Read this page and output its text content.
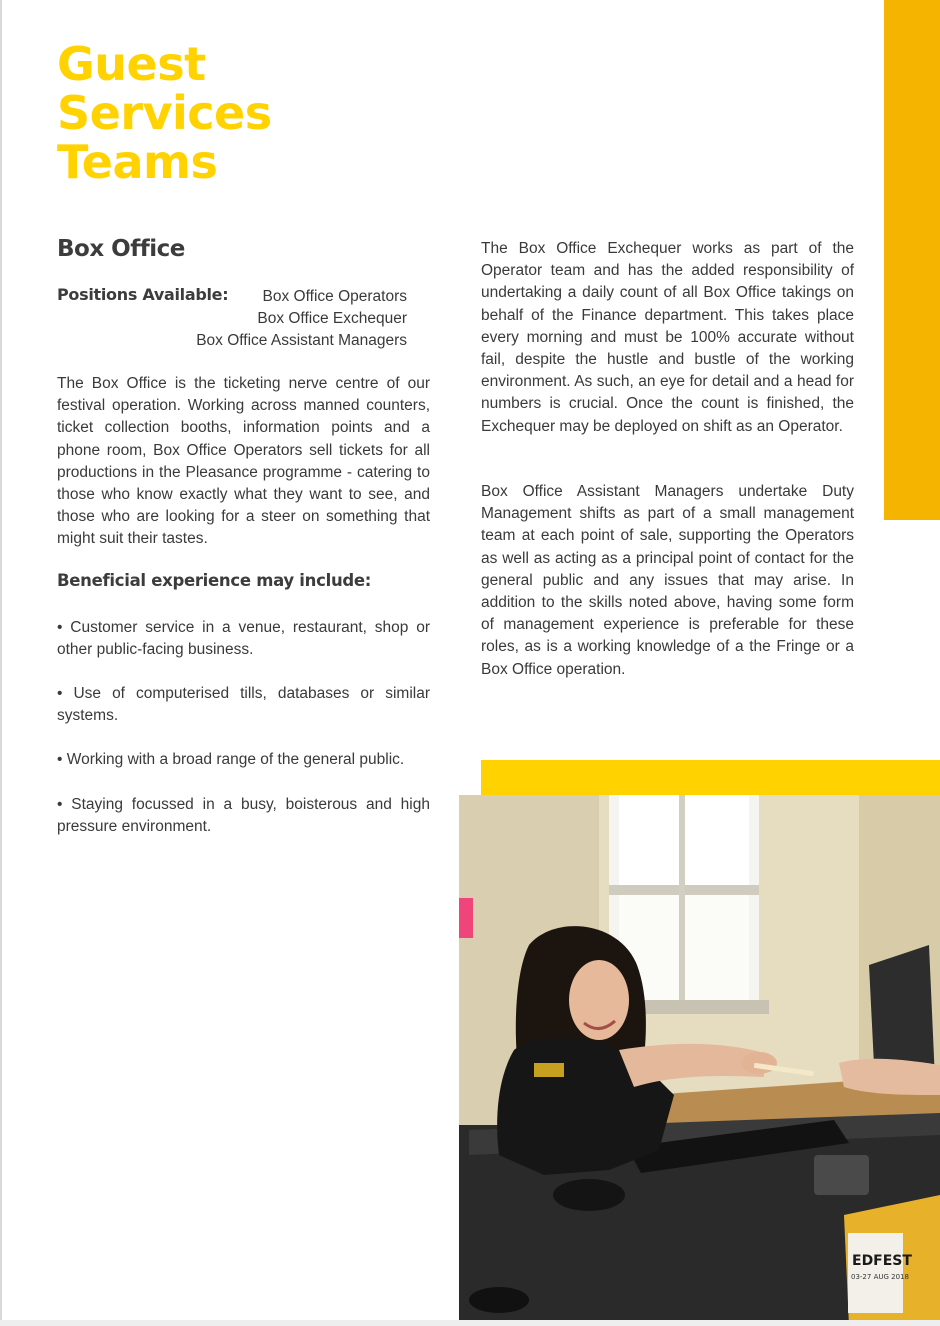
Guest
Services
Teams
Box Office
Positions Available:	Box Office Operators
Box Office Exchequer
Box Office Assistant Managers

The Box Office is the ticketing nerve centre of our festival operation. Working across manned counters, ticket collection booths, information points and a phone room, Box Office Operators sell tickets for all productions in the Pleasance programme - catering to those who know exactly what they want to see, and those who are looking for a steer on something that might suit their tastes.

Beneficial experience may include:

• Customer service in a venue, restaurant, shop or other public-facing business.

• Use of computerised tills, databases or similar systems.

• Working with a broad range of the general public.

• Staying focussed in a busy, boisterous and high pressure environment.

The Box Office Exchequer works as part of the Operator team and has the added responsibility of undertaking a daily count of all Box Office takings on behalf of the Finance department. This takes place every morning and must be 100% accurate without fail, despite the hustle and bustle of the working environment. As such, an eye for detail and a head for numbers is crucial. Once the count is finished, the Exchequer may be deployed on shift as an Operator.

Box Office Assistant Managers undertake Duty Management shifts as part of a small management team at each point of sale, supporting the Operators as well as acting as a principal point of contact for the general public and any issues that may arise. In addition to the skills noted above, having some form of management experience is preferable for these roles, as is a working knowledge of a the Fringe or a Box Office operation.

EDFEST
03-27 AUG 2018
